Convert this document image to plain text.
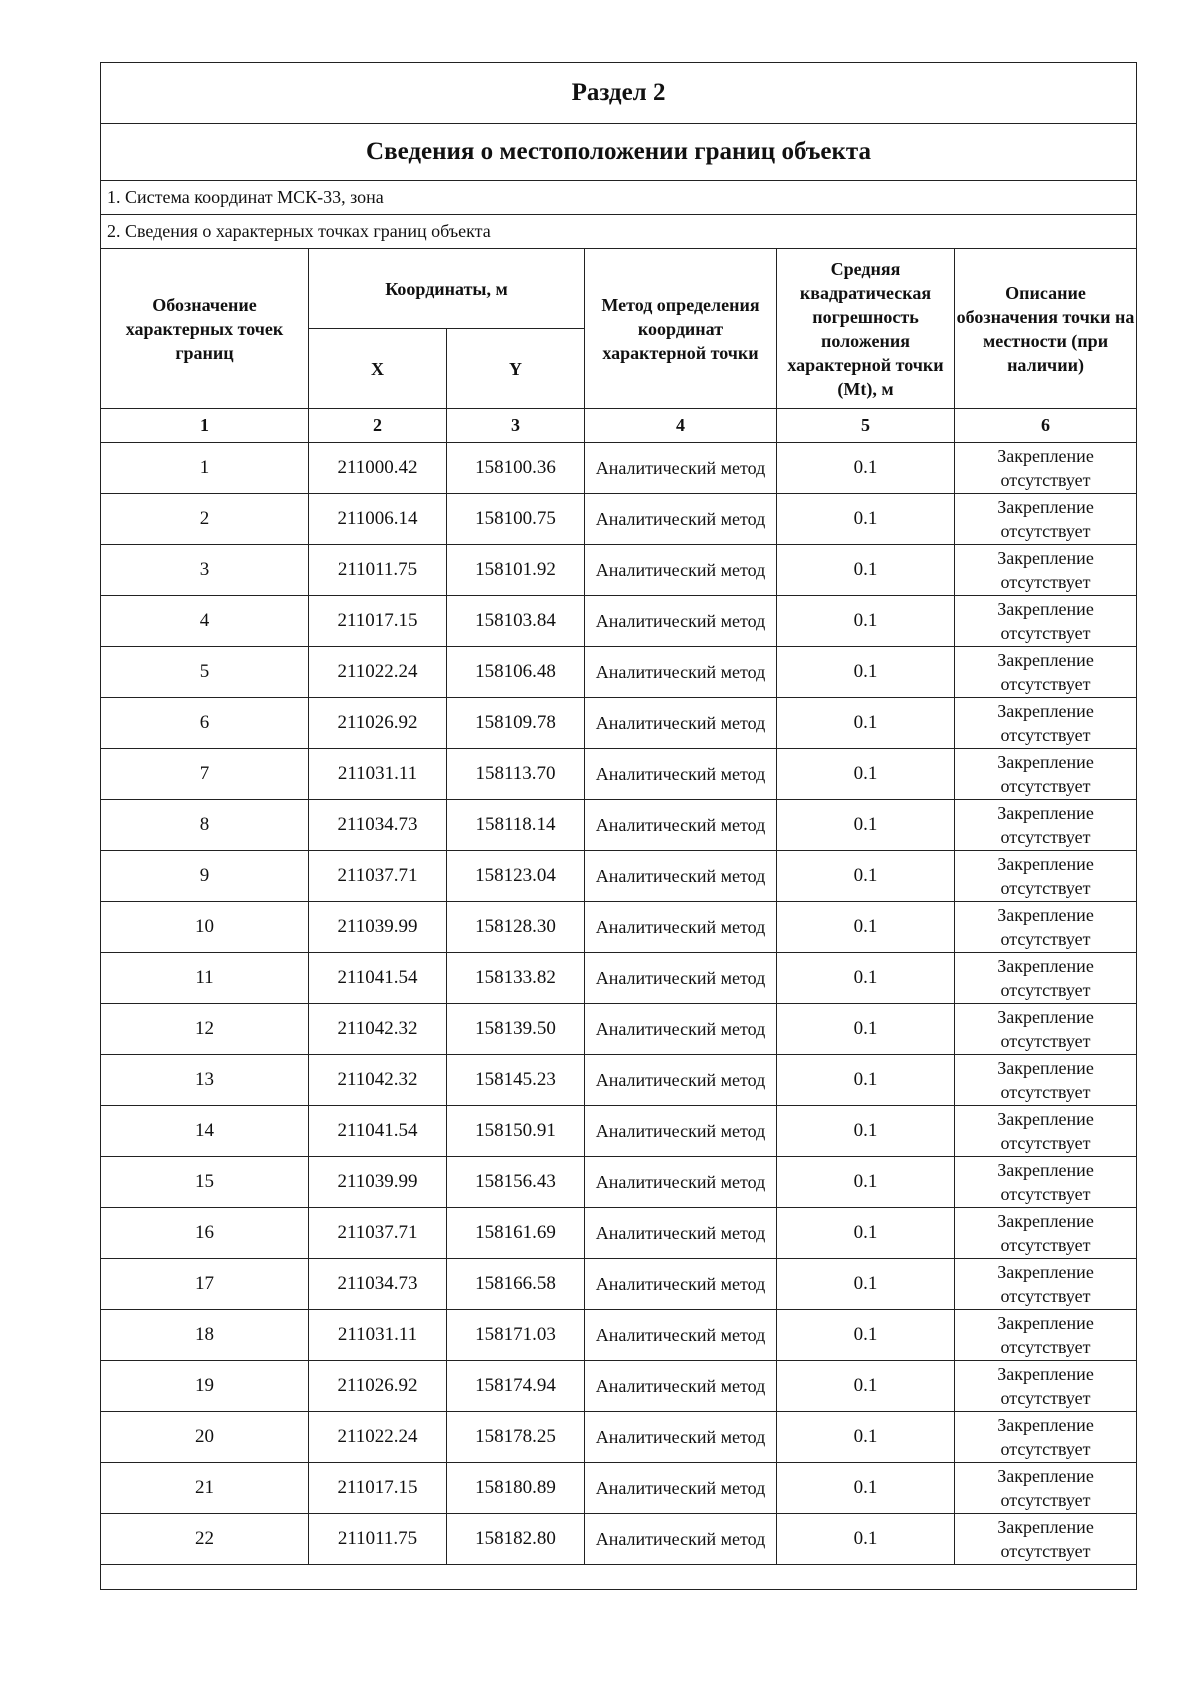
Раздел 2					
Сведения о местоположении границ объекта					
1. Система координат МСК-33, зона					
2. Сведения о характерных точках границ объекта					
Обозначение характерных точек границ	Координаты, м		Метод определения координат характерной точки	Средняя квадратическая погрешность положения характерной точки (Mt), м	Описание обозначения точки на местности (при наличии)
	X	Y			
1	2	3	4	5	6
1	211000.42	158100.36	Аналитический метод	0.1	Закрепление отсутствует
2	211006.14	158100.75	Аналитический метод	0.1	Закрепление отсутствует
3	211011.75	158101.92	Аналитический метод	0.1	Закрепление отсутствует
4	211017.15	158103.84	Аналитический метод	0.1	Закрепление отсутствует
5	211022.24	158106.48	Аналитический метод	0.1	Закрепление отсутствует
6	211026.92	158109.78	Аналитический метод	0.1	Закрепление отсутствует
7	211031.11	158113.70	Аналитический метод	0.1	Закрепление отсутствует
8	211034.73	158118.14	Аналитический метод	0.1	Закрепление отсутствует
9	211037.71	158123.04	Аналитический метод	0.1	Закрепление отсутствует
10	211039.99	158128.30	Аналитический метод	0.1	Закрепление отсутствует
11	211041.54	158133.82	Аналитический метод	0.1	Закрепление отсутствует
12	211042.32	158139.50	Аналитический метод	0.1	Закрепление отсутствует
13	211042.32	158145.23	Аналитический метод	0.1	Закрепление отсутствует
14	211041.54	158150.91	Аналитический метод	0.1	Закрепление отсутствует
15	211039.99	158156.43	Аналитический метод	0.1	Закрепление отсутствует
16	211037.71	158161.69	Аналитический метод	0.1	Закрепление отсутствует
17	211034.73	158166.58	Аналитический метод	0.1	Закрепление отсутствует
18	211031.11	158171.03	Аналитический метод	0.1	Закрепление отсутствует
19	211026.92	158174.94	Аналитический метод	0.1	Закрепление отсутствует
20	211022.24	158178.25	Аналитический метод	0.1	Закрепление отсутствует
21	211017.15	158180.89	Аналитический метод	0.1	Закрепление отсутствует
22	211011.75	158182.80	Аналитический метод	0.1	Закрепление отсутствует
